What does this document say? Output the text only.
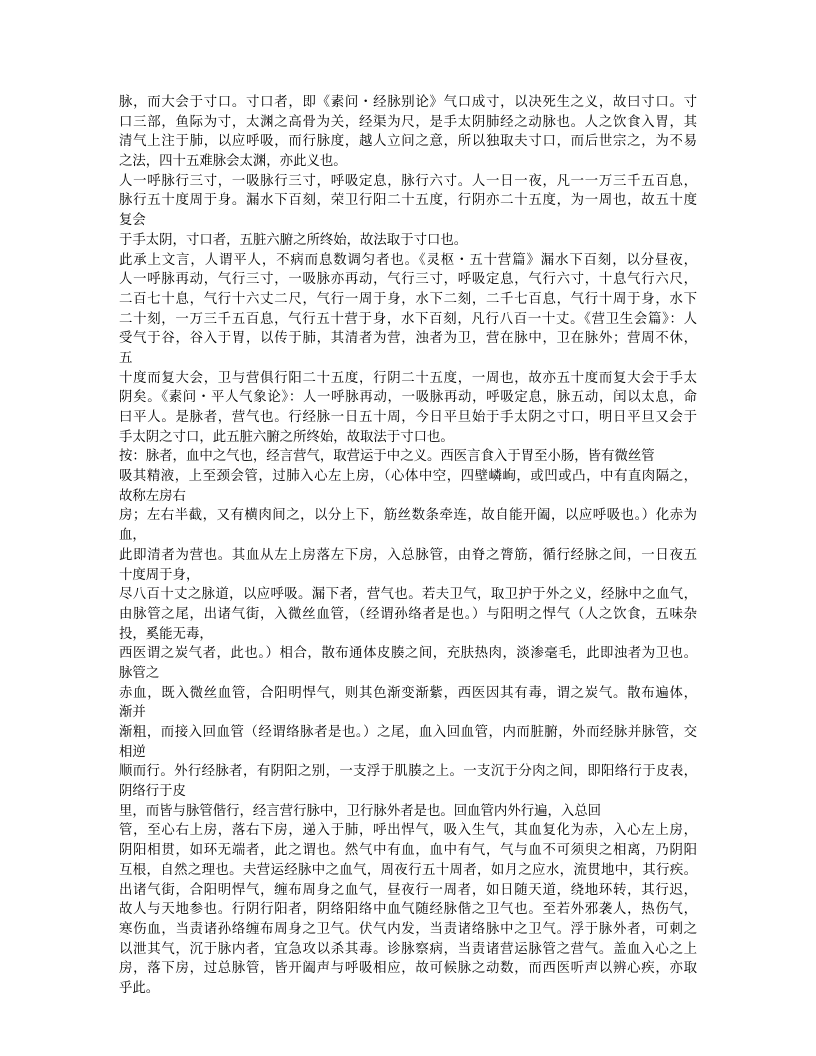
脉，而大会于寸口。寸口者，即《素问・经脉别论》气口成寸，以决死生之义，故曰寸口。寸
口三部，鱼际为寸，太渊之高骨为关，经渠为尺，是手太阴肺经之动脉也。人之饮食入胃，其
清气上注于肺，以应呼吸，而行脉度，越人立问之意，所以独取夫寸口，而后世宗之，为不易
之法，四十五难脉会太渊，亦此义也。
人一呼脉行三寸，一吸脉行三寸，呼吸定息，脉行六寸。人一日一夜，凡一一万三千五百息，
脉行五十度周于身。漏水下百刻，荣卫行阳二十五度，行阴亦二十五度，为一周也，故五十度
复会
于手太阴，寸口者，五脏六腑之所终始，故法取于寸口也。
此承上文言，人谓平人，不病而息数调匀者也。《灵枢・五十营篇》漏水下百刻，以分昼夜，
人一呼脉再动，气行三寸，一吸脉亦再动，气行三寸，呼吸定息，气行六寸，十息气行六尺，
二百七十息，气行十六丈二尺，气行一周于身，水下二刻，二千七百息，气行十周于身，水下
二十刻，一万三千五百息，气行五十营于身，水下百刻，凡行八百一十丈。《营卫生会篇》：人
受气于谷，谷入于胃，以传于肺，其清者为营，浊者为卫，营在脉中，卫在脉外；营周不休，
五
十度而复大会，卫与营俱行阳二十五度，行阴二十五度，一周也，故亦五十度而复大会于手太
阴矣。《素问・平人气象论》：人一呼脉再动，一吸脉再动，呼吸定息，脉五动，闰以太息，命
曰平人。是脉者，营气也。行经脉一日五十周，今日平旦始于手太阴之寸口，明日平旦又会于
手太阴之寸口，此五脏六腑之所终始，故取法于寸口也。
按：脉者，血中之气也，经言营气，取营运于中之义。西医言食入于胃至小肠，皆有微丝管
吸其精液，上至颈会管，过肺入心左上房，（心体中空，四壁嶙峋，或凹或凸，中有直肉隔之，
故称左房右
房；左右半截，又有横肉间之，以分上下，筋丝数条牵连，故自能开阖，以应呼吸也。）化赤为
血，
此即清者为营也。其血从左上房落左下房，入总脉管，由脊之膂筋，循行经脉之间，一日夜五
十度周于身，
尽八百十丈之脉道，以应呼吸。漏下者，营气也。若夫卫气，取卫护于外之义，经脉中之血气，
由脉管之尾，出诸气街，入微丝血管，（经谓孙络者是也。）与阳明之悍气（人之饮食，五味杂
投，奚能无毒，
西医谓之炭气者，此也。）相合，散布通体皮腠之间，充肤热肉，淡渗毫毛，此即浊者为卫也。
脉管之
赤血，既入微丝血管，合阳明悍气，则其色渐变渐紫，西医因其有毒，谓之炭气。散布遍体，
渐并
渐粗，而接入回血管（经谓络脉者是也。）之尾，血入回血管，内而脏腑，外而经脉并脉管，交
相逆
顺而行。外行经脉者，有阴阳之别，一支浮于肌腠之上。一支沉于分肉之间，即阳络行于皮表，
阴络行于皮
里，而皆与脉管偕行，经言营行脉中，卫行脉外者是也。回血管内外行遍，入总回
管，至心右上房，落右下房，递入于肺，呼出悍气，吸入生气，其血复化为赤，入心左上房，
阴阳相贯，如环无端者，此之谓也。然气中有血，血中有气，气与血不可须臾之相离，乃阴阳
互根，自然之理也。夫营运经脉中之血气，周夜行五十周者，如月之应水，流贯地中，其行疾。
出诸气街，合阳明悍气，缠布周身之血气，昼夜行一周者，如日随天道，绕地环转，其行迟，
故人与天地参也。行阴行阳者，阴络阳络中血气随经脉偕之卫气也。至若外邪袭人，热伤气，
寒伤血，当责诸孙络缠布周身之卫气。伏气内发，当责诸络脉中之卫气。浮于脉外者，可刺之
以泄其气，沉于脉内者，宜急攻以杀其毒。诊脉察病，当责诸营运脉管之营气。盖血入心之上
房，落下房，过总脉管，皆开阖声与呼吸相应，故可候脉之动数，而西医听声以辨心疾，亦取
乎此。
